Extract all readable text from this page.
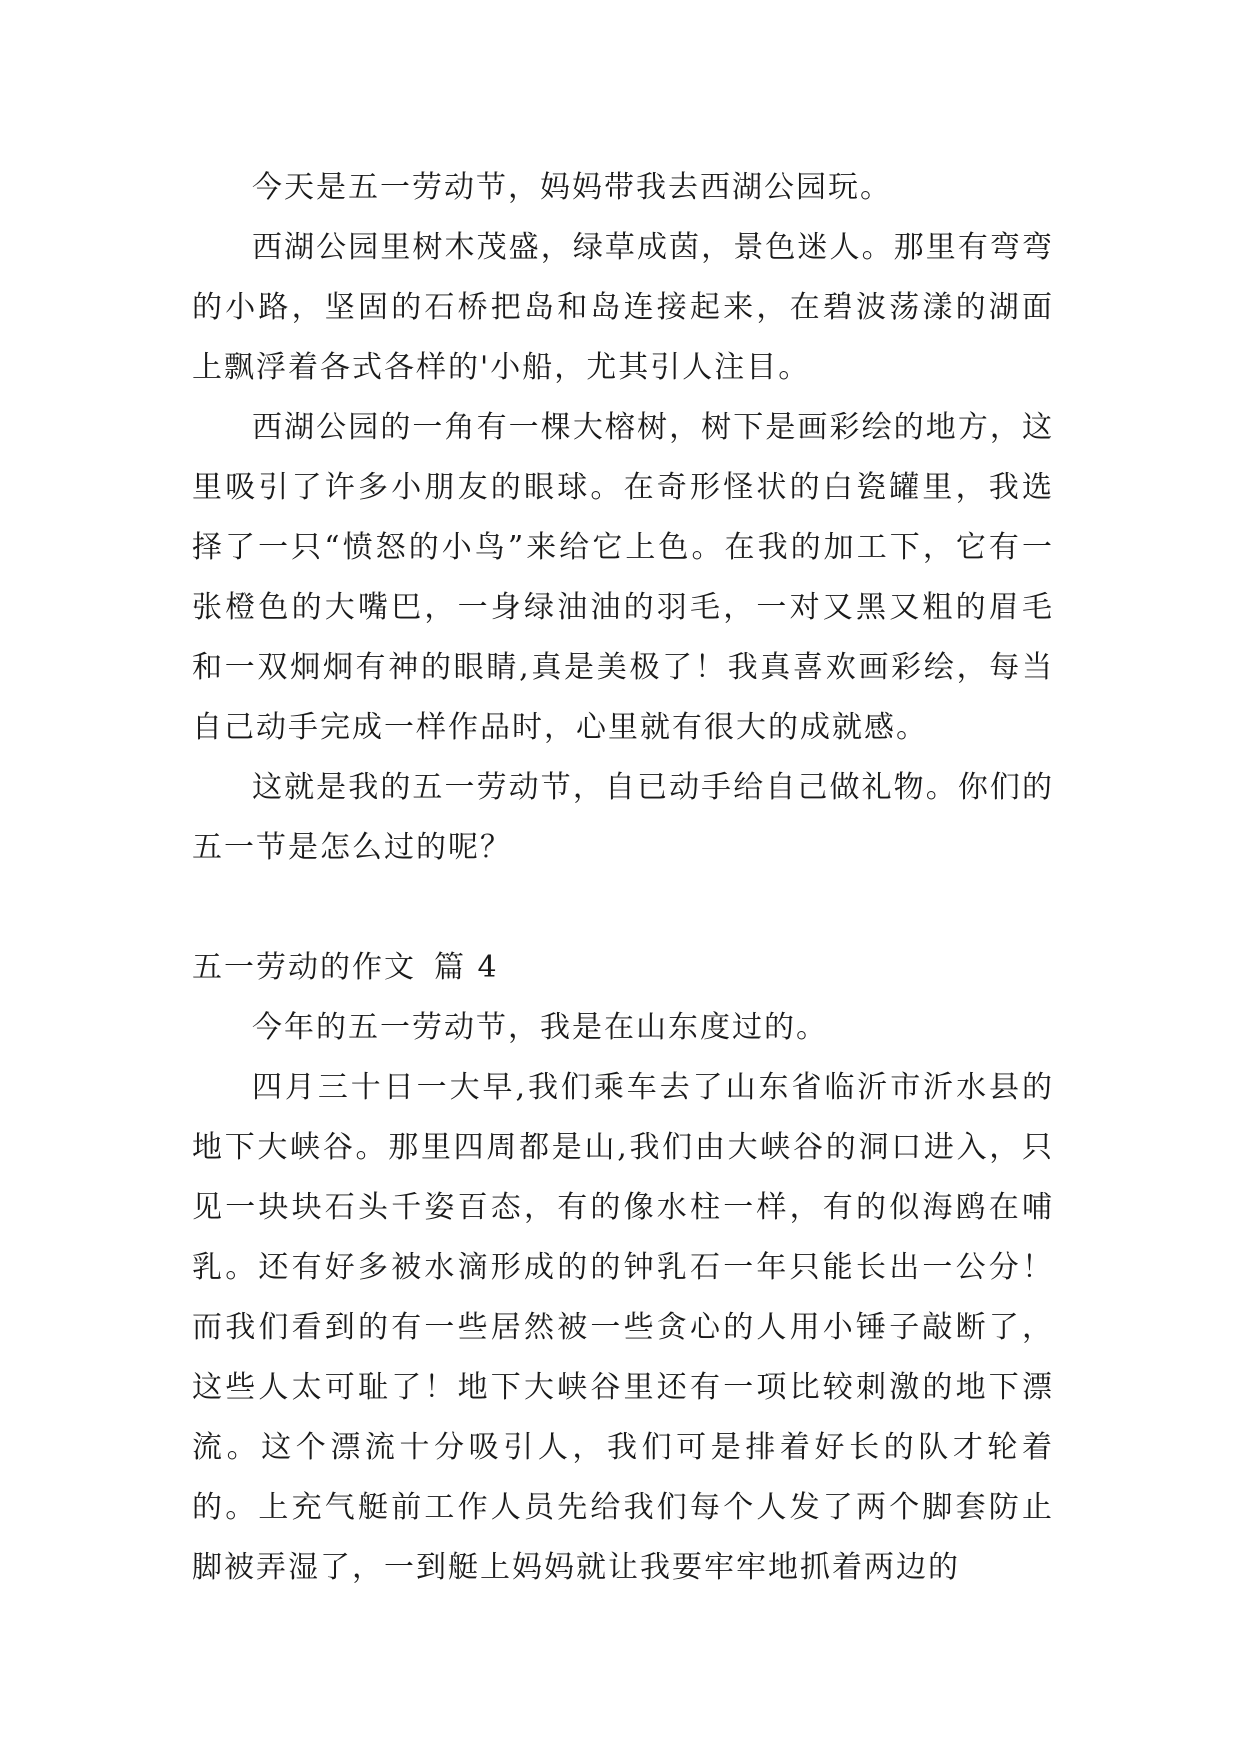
今天是五一劳动节，妈妈带我去西湖公园玩。

西湖公园里树木茂盛，绿草成茵，景色迷人。那里有弯弯的小路，坚固的石桥把岛和岛连接起来，在碧波荡漾的湖面上飘浮着各式各样的'小船，尤其引人注目。

西湖公园的一角有一棵大榕树，树下是画彩绘的地方，这里吸引了许多小朋友的眼球。在奇形怪状的白瓷罐里，我选择了一只“愤怒的小鸟”来给它上色。在我的加工下，它有一张橙色的大嘴巴，一身绿油油的羽毛，一对又黑又粗的眉毛和一双炯炯有神的眼睛,真是美极了！我真喜欢画彩绘，每当自己动手完成一样作品时，心里就有很大的成就感。

这就是我的五一劳动节，自已动手给自己做礼物。你们的五一节是怎么过的呢？

五一劳动的作文 篇 4

今年的五一劳动节，我是在山东度过的。

四月三十日一大早,我们乘车去了山东省临沂市沂水县的地下大峡谷。那里四周都是山,我们由大峡谷的洞口进入，只见一块块石头千姿百态，有的像水柱一样，有的似海鸥在哺乳。还有好多被水滴形成的的钟乳石一年只能长出一公分！而我们看到的有一些居然被一些贪心的人用小锤子敲断了，这些人太可耻了！地下大峡谷里还有一项比较刺激的地下漂流。这个漂流十分吸引人，我们可是排着好长的队才轮着的。上充气艇前工作人员先给我们每个人发了两个脚套防止脚被弄湿了，一到艇上妈妈就让我要牢牢地抓着两边的
